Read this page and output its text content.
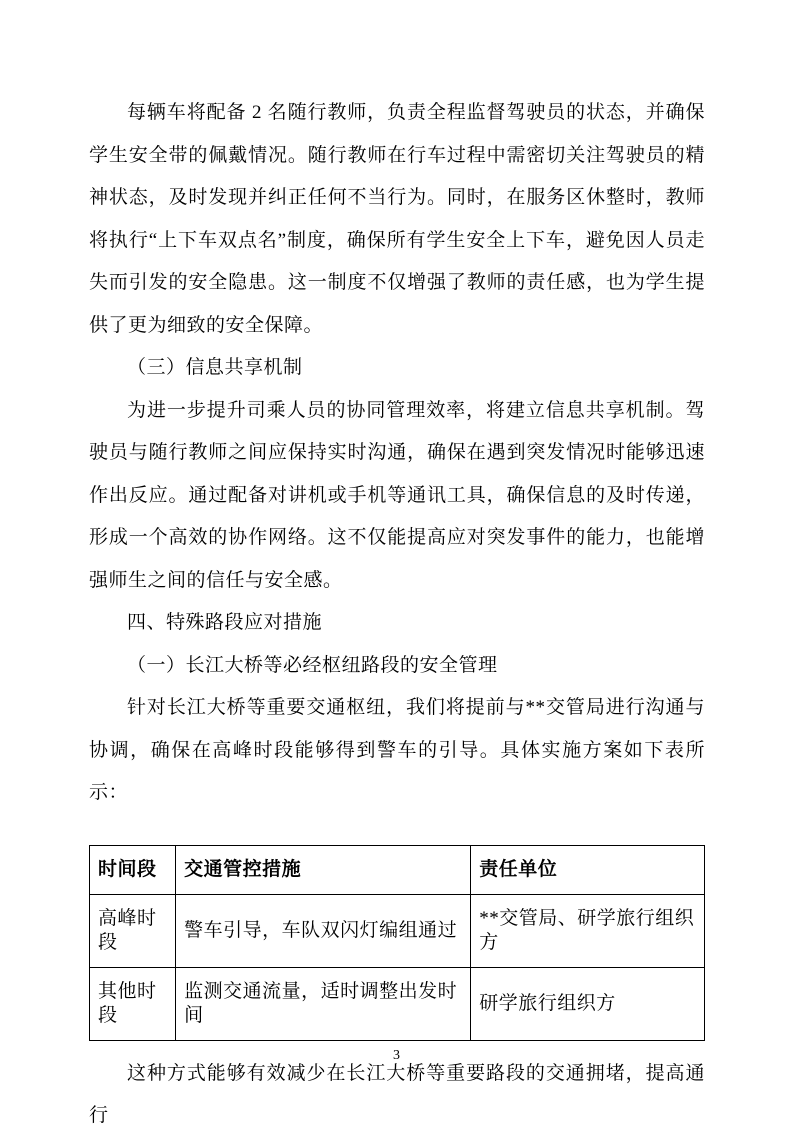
每辆车将配备 2 名随行教师，负责全程监督驾驶员的状态，并确保学生安全带的佩戴情况。随行教师在行车过程中需密切关注驾驶员的精神状态，及时发现并纠正任何不当行为。同时，在服务区休整时，教师将执行“上下车双点名”制度，确保所有学生安全上下车，避免因人员走失而引发的安全隐患。这一制度不仅增强了教师的责任感，也为学生提供了更为细致的安全保障。

（三）信息共享机制

为进一步提升司乘人员的协同管理效率，将建立信息共享机制。驾驶员与随行教师之间应保持实时沟通，确保在遇到突发情况时能够迅速作出反应。通过配备对讲机或手机等通讯工具，确保信息的及时传递，形成一个高效的协作网络。这不仅能提高应对突发事件的能力，也能增强师生之间的信任与安全感。

四、特殊路段应对措施

（一）长江大桥等必经枢纽路段的安全管理

针对长江大桥等重要交通枢纽，我们将提前与**交管局进行沟通与协调，确保在高峰时段能够得到警车的引导。具体实施方案如下表所示：

时间段	交通管控措施	责任单位
高峰时段	警车引导，车队双闪灯编组通过	**交管局、研学旅行组织方
其他时段	监测交通流量，适时调整出发时间	研学旅行组织方

这种方式能够有效减少在长江大桥等重要路段的交通拥堵，提高通行

3
